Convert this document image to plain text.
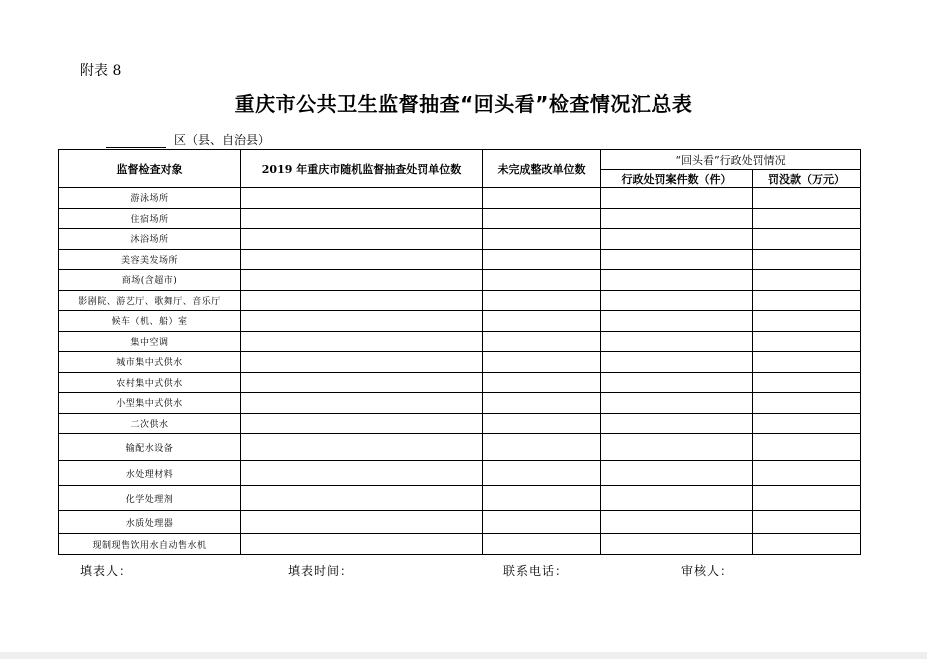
附表 8
重庆市公共卫生监督抽查“回头看”检查情况汇总表
区（县、自治县）
监督检查对象	2019 年重庆市随机监督抽查处罚单位数	未完成整改单位数	“回头看”行政处罚情况	
			行政处罚案件数（件）	罚没款（万元）
游泳场所				
住宿场所				
沐浴场所				
美容美发场所				
商场(含超市)				
影剧院、游艺厅、歌舞厅、音乐厅				
候车（机、船）室				
集中空调				
城市集中式供水				
农村集中式供水				
小型集中式供水				
二次供水				
输配水设备				
水处理材料				
化学处理剂				
水质处理器				
现制现售饮用水自动售水机				
填表人：	填表时间：	联系电话：	审核人：
